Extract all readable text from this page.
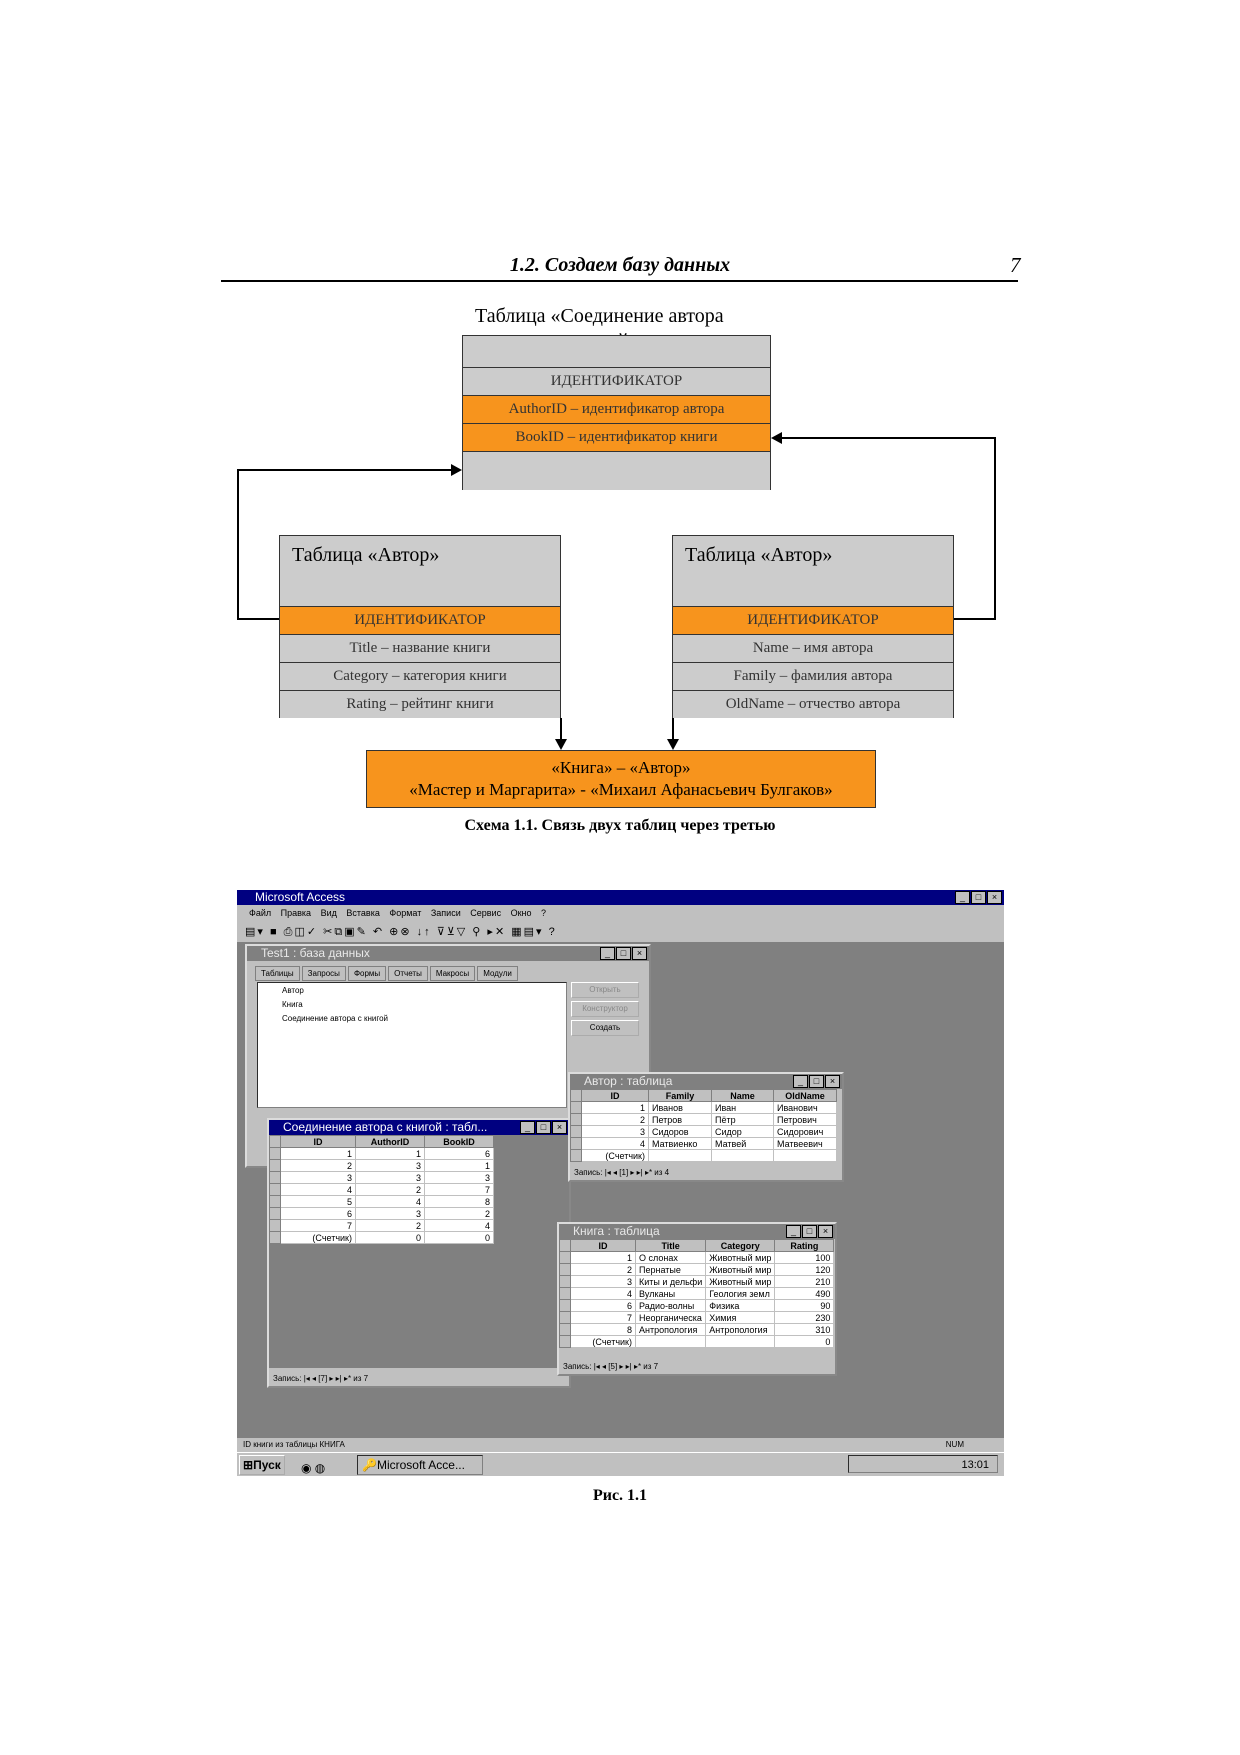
1.2. Создаем базу данных	7
Таблица «Соединение автора
ИДЕНТИФИКАТОР
AuthorID – идентификатор автора
BookID – идентификатор книги
Таблица «Автор»
ИДЕНТИФИКАТОР
Title – название книги
Category – категория книги
Rating – рейтинг книги
Таблица «Автор»
ИДЕНТИФИКАТОР
Name – имя автора
Family – фамилия автора
OldName – отчество автора
«Книга» – «Автор»
«Мастер и Маргарита» - «Михаил Афанасьевич Булгаков»
Схема 1.1. Связь двух таблиц через третью
Microsoft Access	_	□	×
Файл Правка Вид Вставка Формат Записи Сервис Окно ?
▤▾ ■ ⎙◫✓ ✂⧉▣✎ ↶ ⊕⊗ ↓↑ ⊽⊻▽ ⚲ ▸✕ ▦▤▾ ?
Test1 : база данных	_	□	×
Таблицы	Запросы	Формы	Отчеты	Макросы	Модули
Автор
Книга
Соединение автора с книгой
Открыть
Конструктор
Создать
Соединение автора с книгой : табл...	_	□	×
	ID	AuthorID	BookID
	1	1	6
	2	3	1
	3	3	3
	4	2	7
	5	4	8
	6	3	2
	7	2	4
	(Счетчик)	0	0
Запись: |◂ ◂ [7] ▸ ▸| ▸* из 7
Автор : таблица	_	□	×
	ID	Family	Name	OldName
	1	Иванов	Иван	Иванович
	2	Петров	Пётр	Петрович
	3	Сидоров	Сидор	Сидорович
	4	Матвиенко	Матвей	Матвеевич
	(Счетчик)			
Запись: |◂ ◂ [1] ▸ ▸| ▸* из 4
Книга : таблица	_	□	×
	ID	Title	Category	Rating
	1	О слонах	Животный мир	100
	2	Пернатые	Животный мир	120
	3	Киты и дельфи	Животный мир	210
	4	Вулканы	Геология земл	490
	6	Радио-волны	Физика	90
	7	Неорганическа	Химия	230
	8	Антропология	Антропология	310
	(Счетчик)			0
Запись: |◂ ◂ [5] ▸ ▸| ▸* из 7
ID книги из таблицы КНИГА	NUM
⊞Пуск	◉ ◍	🔑Microsoft Acce...	13:01
Рис. 1.1
